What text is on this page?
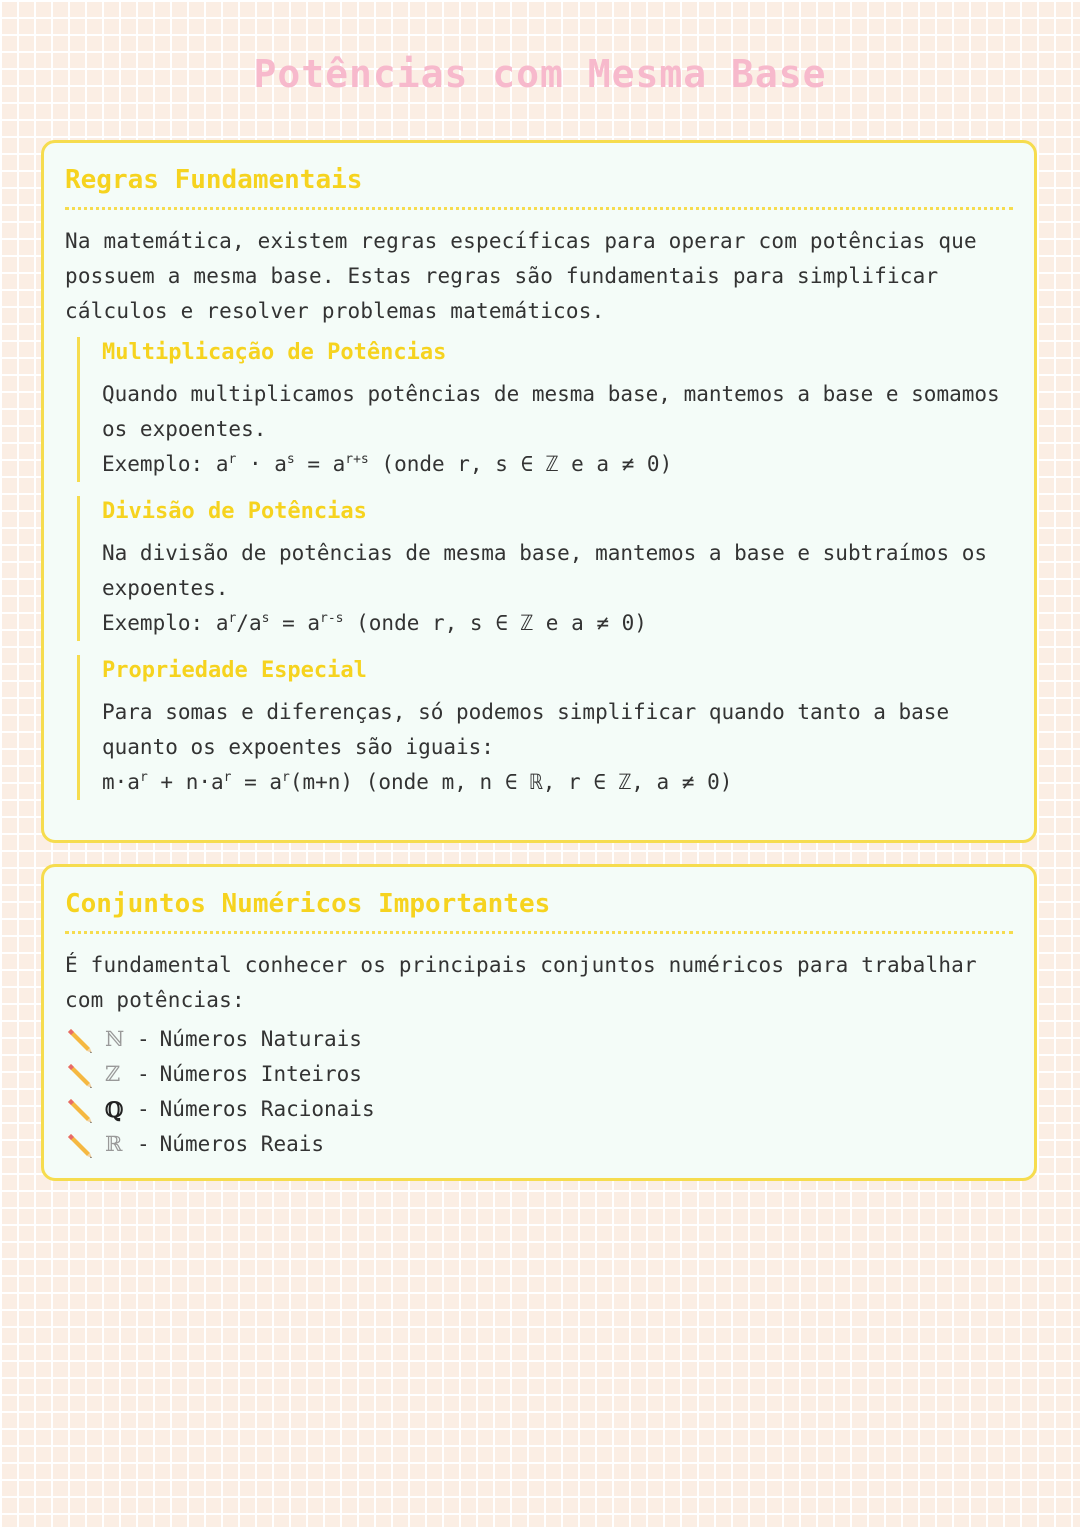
Potências com Mesma Base
Regras Fundamentais

Na matemática, existem regras específicas para operar com potências que possuem a mesma base. Estas regras são fundamentais para simplificar cálculos e resolver problemas matemáticos.

Multiplicação de Potências

Quando multiplicamos potências de mesma base, mantemos a base e somamos os expoentes.

Exemplo: $a^r \cdot a^s = a^{r+s}$ (onde r, s ∈ ℤ e a ≠ 0)

Divisão de Potências

Na divisão de potências de mesma base, mantemos a base e subtraímos os expoentes.

Exemplo: $a^r/a^s = a^{r-s}$ (onde r, s ∈ ℤ e a ≠ 0)

Propriedade Especial

Para somas e diferenças, só podemos simplificar quando tanto a base quanto os expoentes são iguais:

$m\cdot a^r + n\cdot a^r = a^r(m+n)$ (onde m, n ∈ ℝ, r ∈ ℤ, a ≠ 0)

Conjuntos Numéricos Importantes

É fundamental conhecer os principais conjuntos numéricos para trabalhar com potências:

ℕ - Números Naturais
ℤ - Números Inteiros
ℚ - Números Racionais
ℝ - Números Reais
